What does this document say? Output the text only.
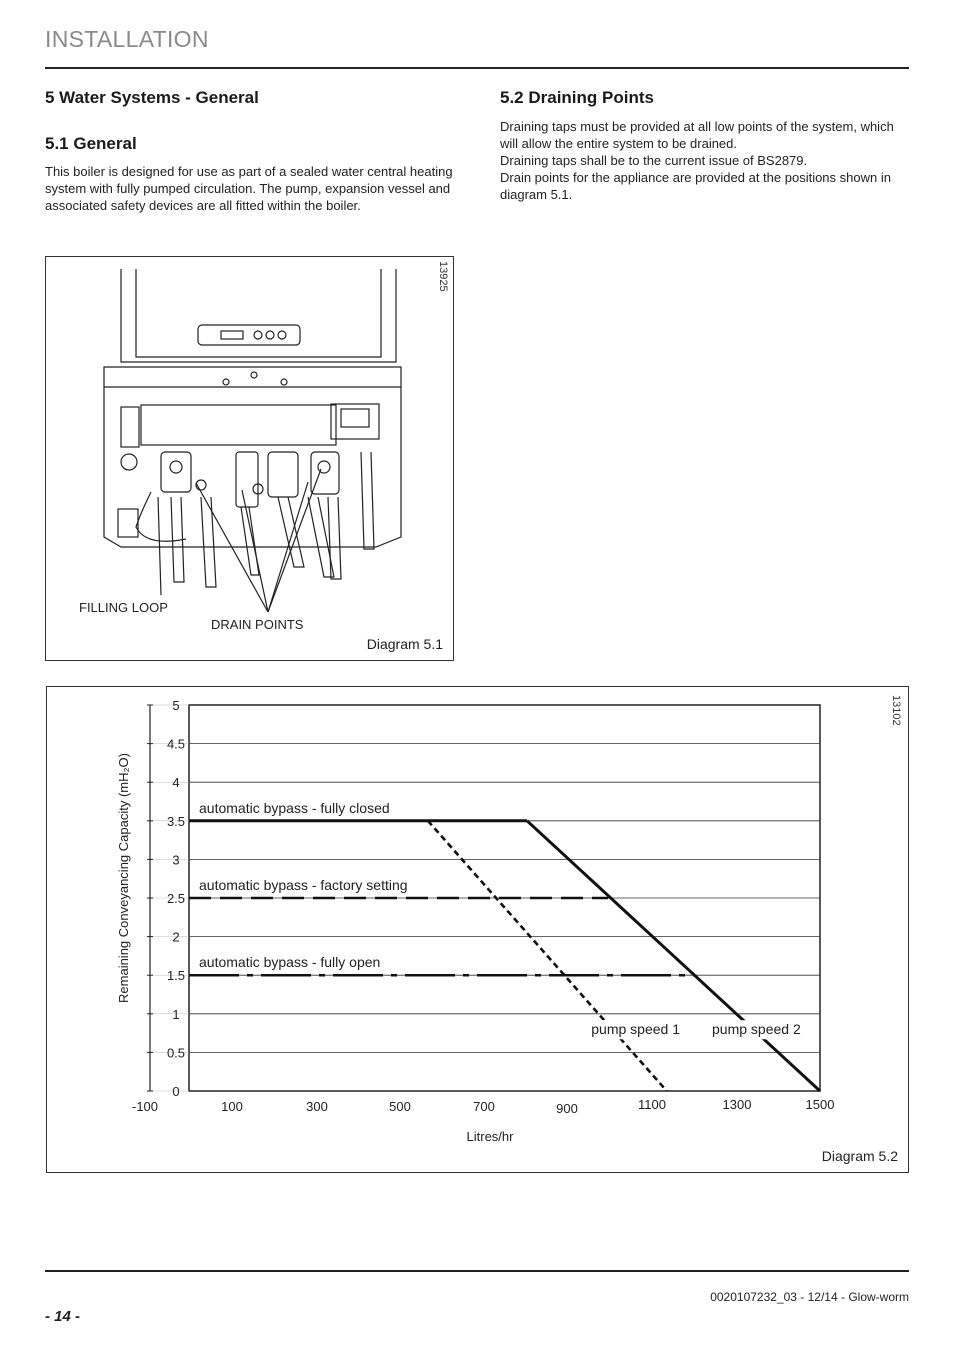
INSTALLATION
5 Water Systems - General
5.1 General
This boiler is designed for use as part of a sealed water central heating system with fully pumped circulation. The pump, expansion vessel and associated safety devices are all fitted within the boiler.
5.2 Draining Points
Draining taps must be provided at all low points of the system, which will allow the entire system to be drained.
Draining taps shall be to the current issue of BS2879.
Drain points for the appliance are provided at the positions shown in diagram 5.1.
FILLING LOOP
DRAIN POINTS
13925
Diagram 5.1
0
0.5
1
1.5
2
2.5
3
3.5
4
4.5
5
-100	100	300	500	700	900	1100	1300	1500
Litres/hr
Remaining Conveyancing Capacity (mH₂O)	automatic bypass - fully closed
automatic bypass - factory setting
automatic bypass - fully open
pump speed 1 pump speed 2
13102
Diagram 5.2
0020107232_03 - 12/14 - Glow-worm
- 14 -
